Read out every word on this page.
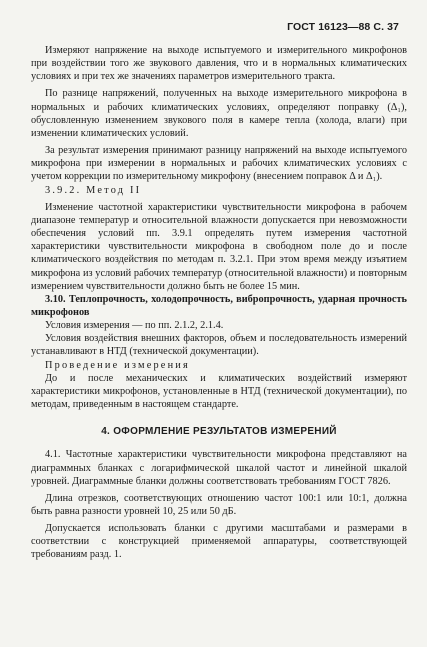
ГОСТ 16123—88 С. 37

Измеряют напряжение на выходе испытуемого и измерительного микрофонов при воздействии того же звукового давления, что и в нормальных климатических условиях и при тех же значениях параметров измерительного тракта.

По разнице напряжений, полученных на выходе измерительного микрофона в нормальных и рабочих климатических условиях, определяют поправку (Δ₁), обусловленную изменением звукового поля в камере тепла (холода, влаги) при изменении климатических условий.

За результат измерения принимают разницу напряжений на выходе испытуемого микрофона при измерении в нормальных и рабочих климатических условиях с учетом коррекции по измерительному микрофону (внесением поправок Δ и Δ₁).

3.9.2. Метод II

Изменение частотной характеристики чувствительности микрофона в рабочем диапазоне температур и относительной влажности допускается при невозможности обеспечения условий пп. 3.9.1 определять путем измерения частотной характеристики чувствительности микрофона в свободном поле до и после климатического воздействия по методам п. 3.2.1. При этом время между изъятием микрофона из условий рабочих температур (относительной влажности) и повторным измерением чувствительности должно быть не более 15 мин.

3.10. Теплопрочность, холодопрочность, вибропрочность, ударная прочность микрофонов

Условия измерения — по пп. 2.1.2, 2.1.4.

Условия воздействия внешних факторов, объем и последовательность измерений устанавливают в НТД (технической документации).

Проведение измерения

До и после механических и климатических воздействий измеряют характеристики микрофонов, установленные в НТД (технической документации), по методам, приведенным в настоящем стандарте.

4. ОФОРМЛЕНИЕ РЕЗУЛЬТАТОВ ИЗМЕРЕНИЙ

4.1. Частотные характеристики чувствительности микрофона представляют на диаграммных бланках с логарифмической шкалой частот и линейной шкалой уровней. Диаграммные бланки должны соответствовать требованиям ГОСТ 7826.

Длина отрезков, соответствующих отношению частот 100:1 или 10:1, должна быть равна разности уровней 10, 25 или 50 дБ.

Допускается использовать бланки с другими масштабами и размерами в соответствии с конструкцией применяемой аппаратуры, соответствующей требованиям разд. 1.
